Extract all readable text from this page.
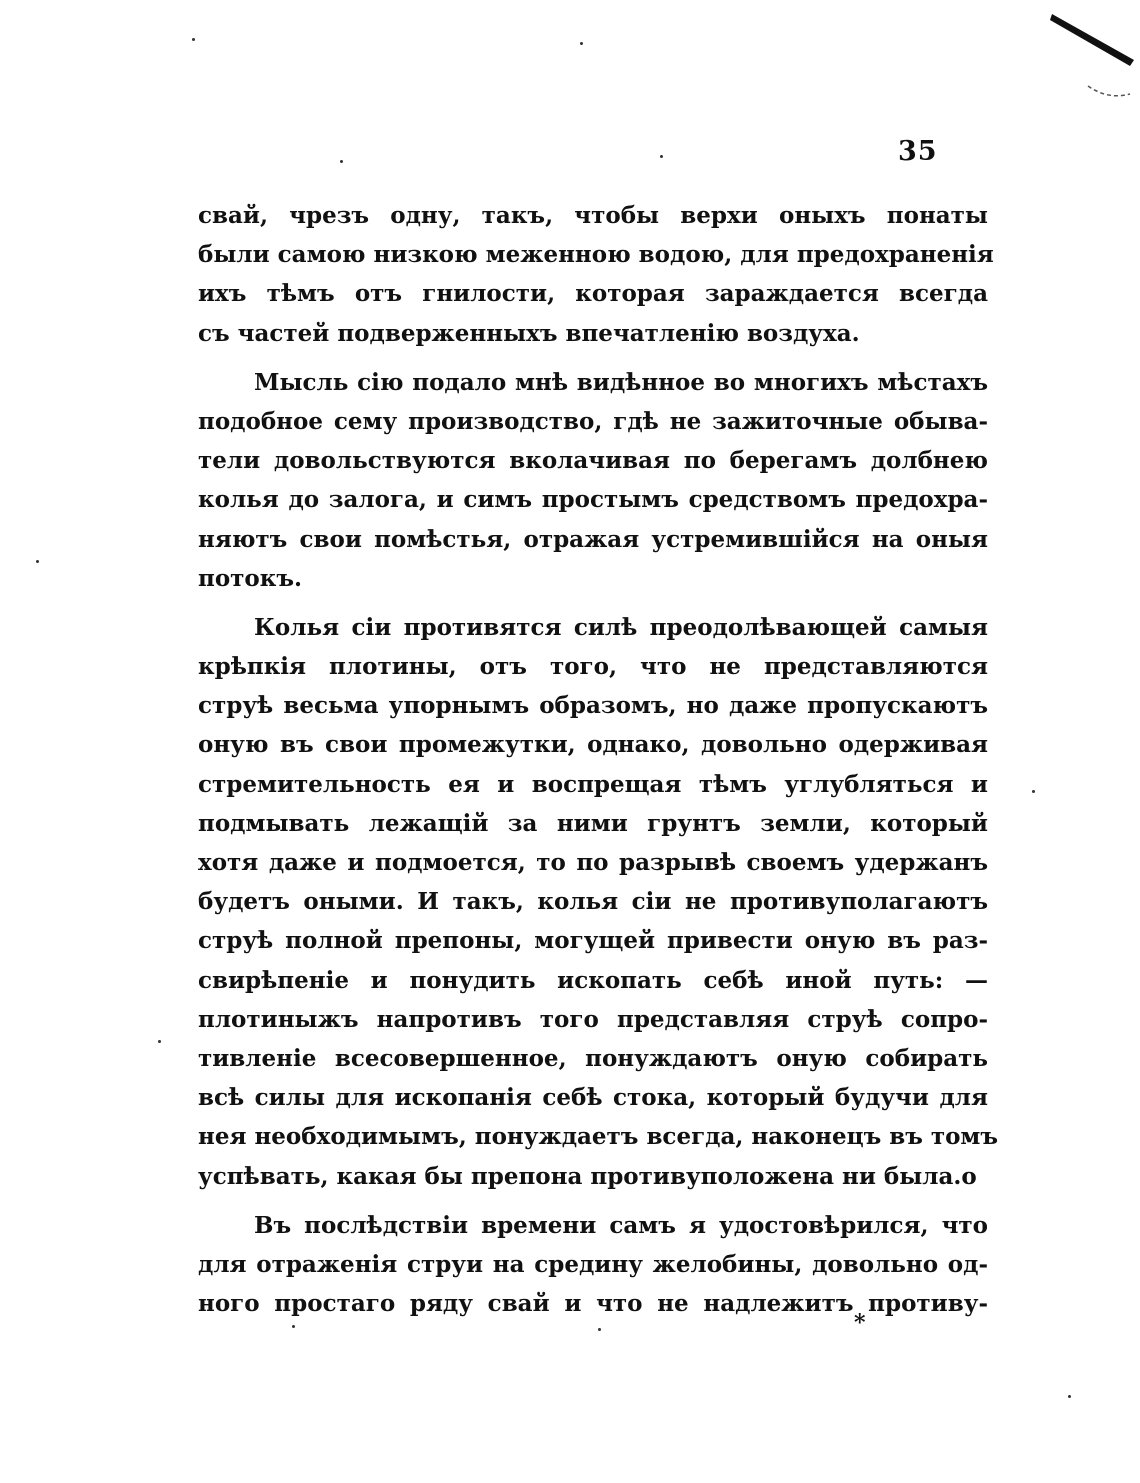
35
свай, чрезъ одну, такъ, чтобы верхи оныхъ понаты
были самою низкою меженною водою, для предохраненія
ихъ тѣмъ отъ гнилости, которая зараждается всегда
съ частей подверженныхъ впечатленію воздуха.
Мысль сію подало мнѣ видѣнное во многихъ мѣстахъ
подобное сему производство, гдѣ не зажиточные обыва-
тели довольствуются вколачивая по берегамъ долбнею
колья до залога, и симъ простымъ средствомъ предохра-
няютъ свои помѣстья, отражая устремившійся на оныя
потокъ.
Колья сіи противятся силѣ преодолѣвающей самыя
крѣпкія плотины, отъ того, что не представляются
струѣ весьма упорнымъ образомъ, но даже пропускаютъ
оную въ свои промежутки, однако, довольно одерживая
стремительность ея и воспрещая тѣмъ углубляться и
подмывать лежащій за ними грунтъ земли, который
хотя даже и подмоется, то по разрывѣ своемъ удержанъ
будетъ оными. И такъ, колья сіи не противуполагаютъ
струѣ полной препоны, могущей привести оную въ раз-
свирѣпеніе и понудить ископать себѣ иной путь: —
плотиныжъ напротивъ того представляя струѣ сопро-
тивленіе всесовершенное, понуждаютъ оную собирать
всѣ силы для ископанія себѣ стока, который будучи для
нея необходимымъ, понуждаетъ всегда, наконецъ въ томъ
успѣвать, какая бы препона противуположена ни была.о
Въ послѣдствіи времени самъ я удостовѣрился, что
для отраженія струи на средину желобины, довольно од-
ного простаго ряду свай и что не надлежитъ противу-
*
